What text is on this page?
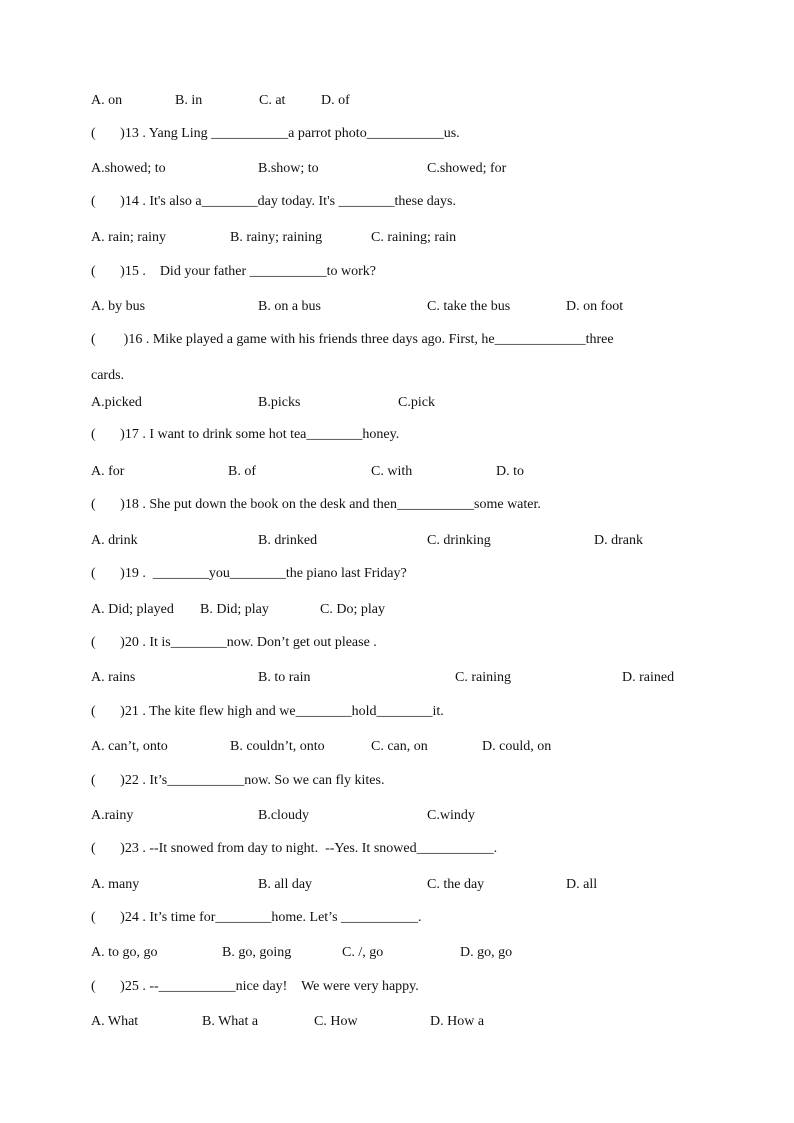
A. on

	B. in

	C. at

	D. of

(       )13 . Yang Ling ___________a parrot photo___________us.

A.showed; to

	B.show; to

	C.showed; for

(       )14 . It's also a________day today. It's ________these days.

A. rain; rainy

	B. rainy; raining

	C. raining; rain

(       )15 .    Did your father ___________to work?

A. by bus

	B. on a bus

	C. take the bus

	D. on foot

(        )16 . Mike played a game with his friends three days ago. First, he_____________three
cards.

A.picked

	B.picks

	C.pick

(       )17 . I want to drink some hot tea________honey.

A. for

	B. of

	C. with

	D. to

(       )18 . She put down the book on the desk and then___________some water.

A. drink

	B. drinked

	C. drinking

	D. drank

(       )19 .  ________you________the piano last Friday?

A. Did; played

B. Did; play

	C. Do; play

(       )20 . It is________now. Don’t get out please .

A. rains

	B. to rain

	C. raining

	D. rained

(       )21 . The kite flew high and we________hold________it.

A. can’t, onto

	B. couldn’t, onto

	C. can, on

	D. could, on

(       )22 . It’s___________now. So we can fly kites.

A.rainy

	B.cloudy

	C.windy

(       )23 . --It snowed from day to night.  --Yes. It snowed___________.

A. many

	B. all day

	C. the day

	D. all

(       )24 . It’s time for________home. Let’s ___________.

A. to go, go

	B. go, going

	C. /, go

	D. go, go

(       )25 . --___________nice day!    We were very happy.

A. What

	B. What a

	C. How

	D. How a
